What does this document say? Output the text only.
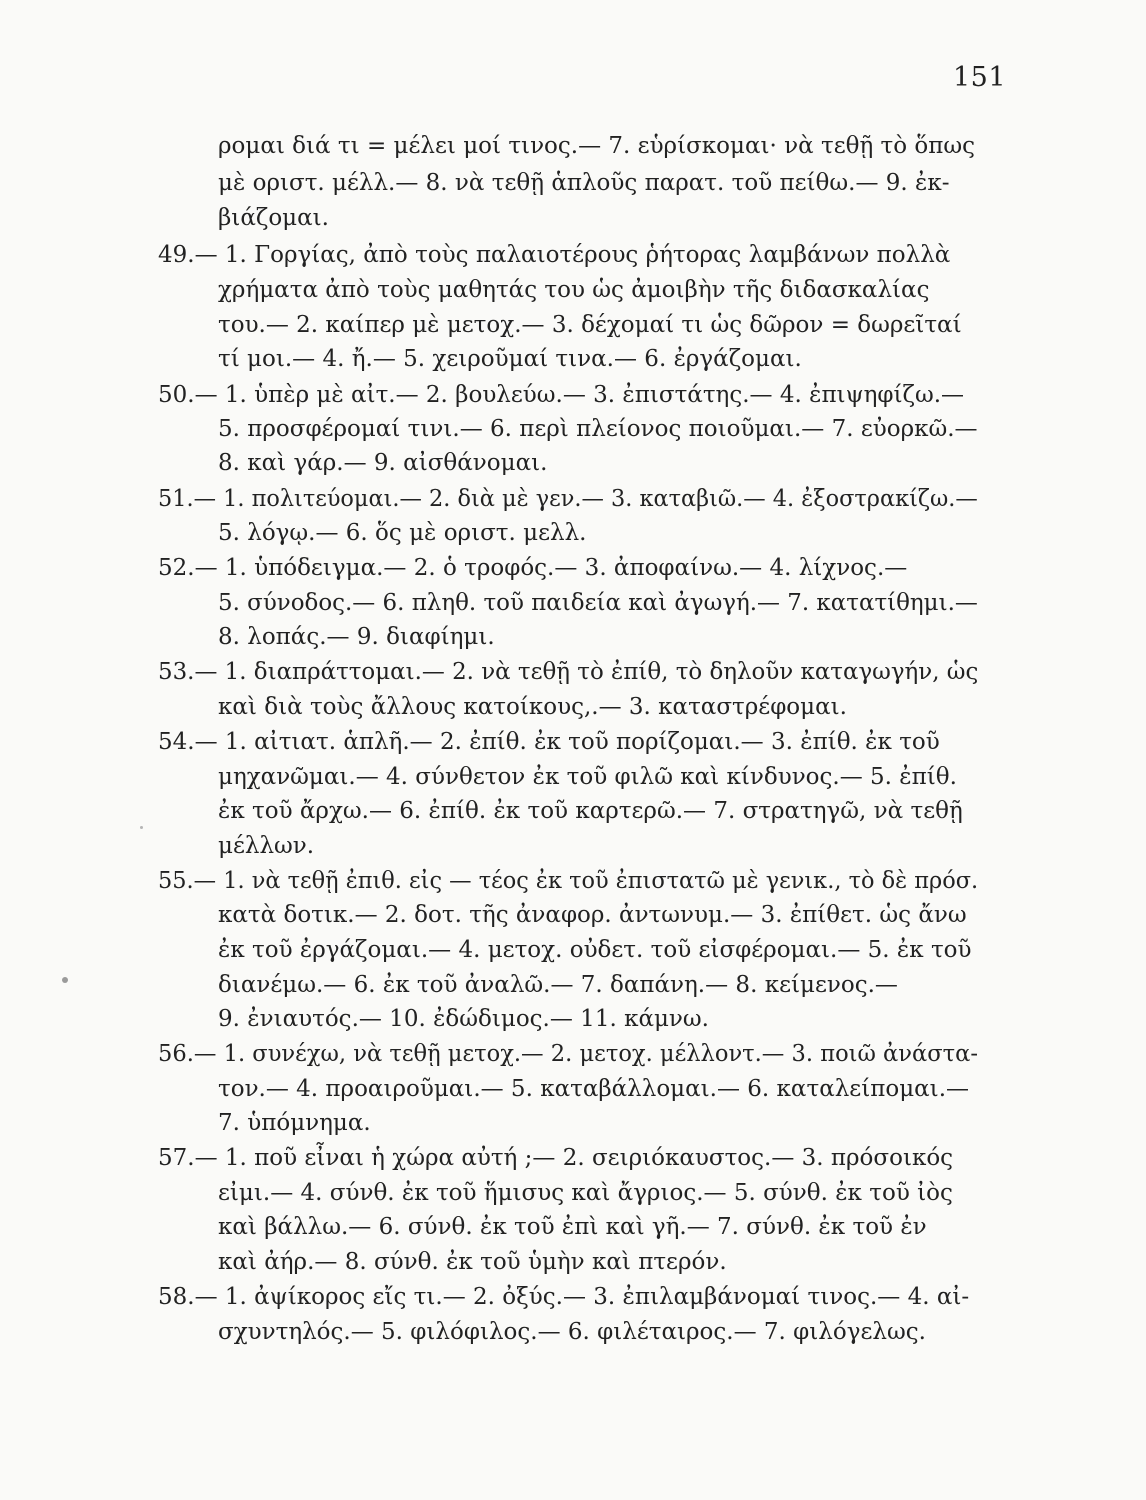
151
ρομαι διά τι = μέλει μοί τινος.— 7. εὑρίσκομαι· νὰ τεθῇ τὸ ὅπως
μὲ οριστ. μέλλ.— 8. νὰ τεθῇ ἁπλοῦς παρατ. τοῦ πείθω.— 9. ἐκ-
βιάζομαι.
49.— 1. Γοργίας, ἀπὸ τοὺς παλαιοτέρους ῥήτορας λαμβάνων πολλὰ
χρήματα ἀπὸ τοὺς μαθητάς του ὡς ἀμοιβὴν τῆς διδασκαλίας
του.— 2. καίπερ μὲ μετοχ.— 3. δέχομαί τι ὡς δῶρον = δωρεῖταί
τί μοι.— 4. ἤ.— 5. χειροῦμαί τινα.— 6. ἐργάζομαι.
50.— 1. ὑπὲρ μὲ αἰτ.— 2. βουλεύω.— 3. ἐπιστάτης.— 4. ἐπιψηφίζω.—
5. προσφέρομαί τινι.— 6. περὶ πλείονος ποιοῦμαι.— 7. εὐορκῶ.—
8. καὶ γάρ.— 9. αἰσθάνομαι.
51.— 1. πολιτεύομαι.— 2. διὰ μὲ γεν.— 3. καταβιῶ.— 4. ἐξοστρακίζω.—
5. λόγῳ.— 6. ὅς μὲ οριστ. μελλ.
52.— 1. ὑπόδειγμα.— 2. ὁ τροφός.— 3. ἀποφαίνω.— 4. λίχνος.—
5. σύνοδος.— 6. πληθ. τοῦ παιδεία καὶ ἀγωγή.— 7. κατατίθημι.—
8. λοπάς.— 9. διαφίημι.
53.— 1. διαπράττομαι.— 2. νὰ τεθῇ τὸ ἐπίθ, τὸ δηλοῦν καταγωγήν, ὡς
καὶ διὰ τοὺς ἄλλους κατοίκους,.— 3. καταστρέφομαι.
54.— 1. αἰτιατ. ἁπλῆ.— 2. ἐπίθ. ἐκ τοῦ πορίζομαι.— 3. ἐπίθ. ἐκ τοῦ
μηχανῶμαι.— 4. σύνθετον ἐκ τοῦ φιλῶ καὶ κίνδυνος.— 5. ἐπίθ.
ἐκ τοῦ ἄρχω.— 6. ἐπίθ. ἐκ τοῦ καρτερῶ.— 7. στρατηγῶ, νὰ τεθῇ
μέλλων.
55.— 1. νὰ τεθῇ ἐπιθ. εἰς — τέος ἐκ τοῦ ἐπιστατῶ μὲ γενικ., τὸ δὲ πρόσ.
κατὰ δοτικ.— 2. δοτ. τῆς ἀναφορ. ἀντωνυμ.— 3. ἐπίθετ. ὡς ἄνω
ἐκ τοῦ ἐργάζομαι.— 4. μετοχ. οὐδετ. τοῦ εἰσφέρομαι.— 5. ἐκ τοῦ
διανέμω.— 6. ἐκ τοῦ ἀναλῶ.— 7. δαπάνη.— 8. κείμενος.—
9. ἐνιαυτός.— 10. ἐδώδιμος.— 11. κάμνω.
56.— 1. συνέχω, νὰ τεθῇ μετοχ.— 2. μετοχ. μέλλοντ.— 3. ποιῶ ἀνάστα-
τον.— 4. προαιροῦμαι.— 5. καταβάλλομαι.— 6. καταλείπομαι.—
7. ὑπόμνημα.
57.— 1. ποῦ εἶναι ἡ χώρα αὐτή ;— 2. σειριόκαυστος.— 3. πρόσοικός
εἰμι.— 4. σύνθ. ἐκ τοῦ ἥμισυς καὶ ἄγριος.— 5. σύνθ. ἐκ τοῦ ἰὸς
καὶ βάλλω.— 6. σύνθ. ἐκ τοῦ ἐπὶ καὶ γῆ.— 7. σύνθ. ἐκ τοῦ ἐν
καὶ ἀήρ.— 8. σύνθ. ἐκ τοῦ ὑμὴν καὶ πτερόν.
58.— 1. ἀψίκορος εἴς τι.— 2. ὀξύς.— 3. ἐπιλαμβάνομαί τινος.— 4. αἰ-
σχυντηλός.— 5. φιλόφιλος.— 6. φιλέταιρος.— 7. φιλόγελως.
